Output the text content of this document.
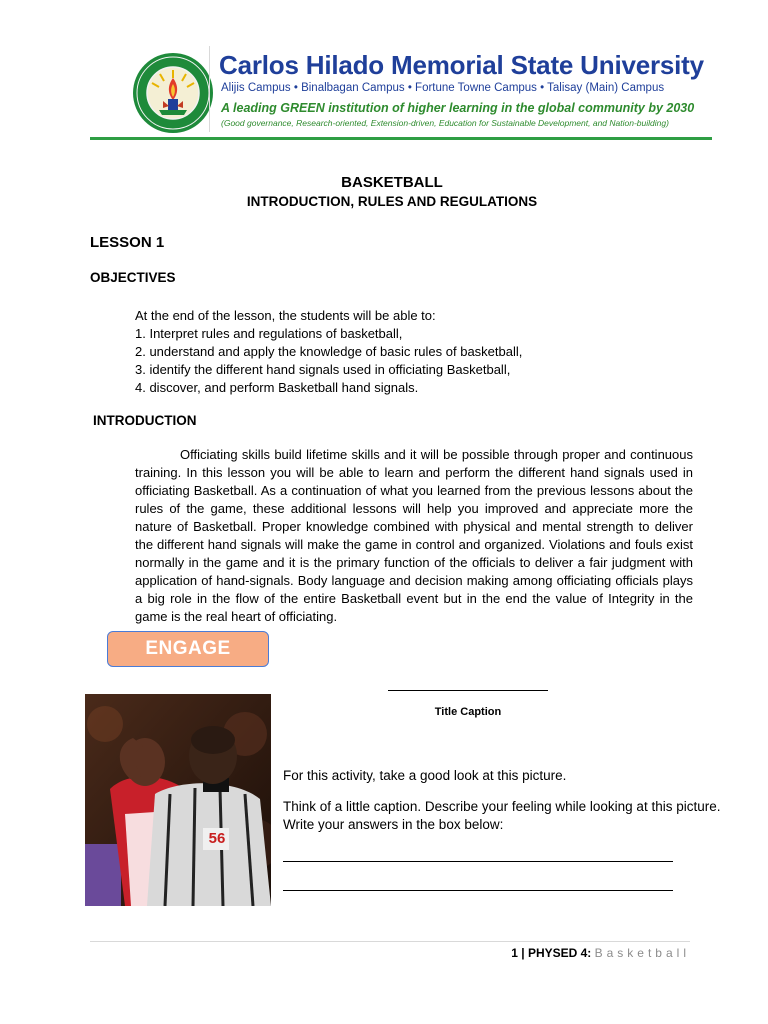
Carlos Hilado Memorial State University
Alijis Campus • Binalbagan Campus • Fortune Towne Campus • Talisay (Main) Campus
A leading GREEN institution of higher learning in the global community by 2030
(Good governance, Research-oriented, Extension-driven, Education for Sustainable Development, and Nation-building)
BASKETBALL
INTRODUCTION, RULES AND REGULATIONS
LESSON 1
OBJECTIVES
At the end of the lesson, the students will be able to:
1. Interpret rules and regulations of basketball,
2. understand and apply the knowledge of basic rules of basketball,
3. identify the different hand signals used in officiating Basketball,
4. discover, and perform Basketball hand signals.
INTRODUCTION

Officiating skills build lifetime skills and it will be possible through proper and continuous training. In this lesson you will be able to learn and perform the different hand signals used in officiating Basketball. As a continuation of what you learned from the previous lessons about the rules of the game, these additional lessons will help you improved and appreciate more the nature of Basketball. Proper knowledge combined with physical and mental strength to deliver the different hand signals will make the game in control and organized. Violations and fouls exist normally in the game and it is the primary function of the officials to deliver a fair judgment with application of hand-signals. Body language and decision making among officiating officials plays a big role in the flow of the entire Basketball event but in the end the value of Integrity in the game is the real heart of officiating.

ENGAGE
56
Title Caption
For this activity, take a good look at this picture.
Think of a little caption. Describe your feeling while looking at this picture.
Write your answers in the box below:
1 | PHYSED 4: Basketball
